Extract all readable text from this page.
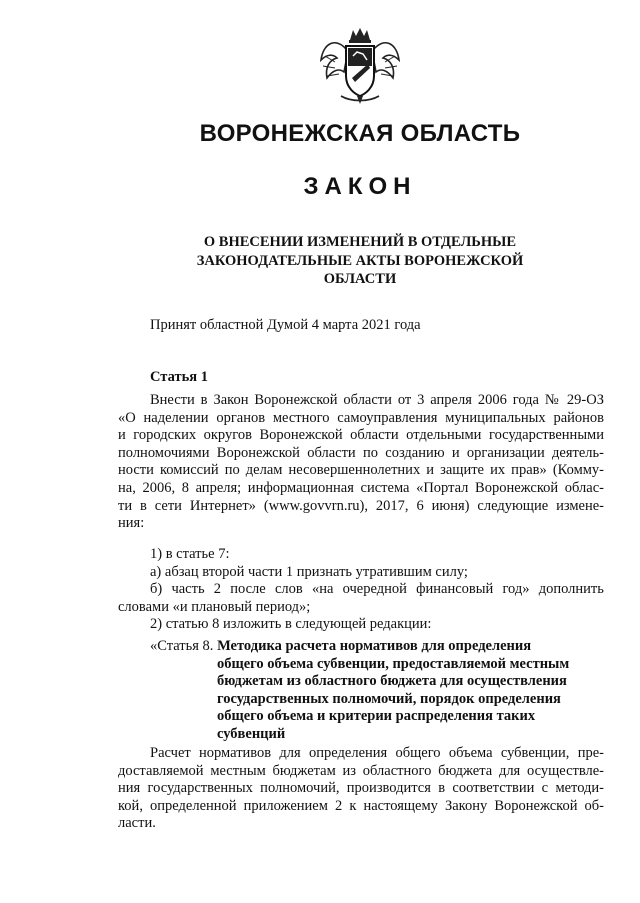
ВОРОНЕЖСКАЯ ОБЛАСТЬ
ЗАКОН
О ВНЕСЕНИИ ИЗМЕНЕНИЙ В ОТДЕЛЬНЫЕ
ЗАКОНОДАТЕЛЬНЫЕ АКТЫ ВОРОНЕЖСКОЙ
ОБЛАСТИ
Принят областной Думой 4 марта 2021 года
Статья 1
Внести в Закон Воронежской области от 3 апреля 2006 года № 29-ОЗ
«О наделении органов местного самоуправления муниципальных районов
и городских округов Воронежской области отдельными государственными
полномочиями Воронежской области по созданию и организации деятель-
ности комиссий по делам несовершеннолетних и защите их прав» (Комму-
на, 2006, 8 апреля; информационная система «Портал Воронежской облас-
ти в сети Интернет» (www.govvrn.ru), 2017, 6 июня) следующие измене-
ния:
1) в статье 7:
а) абзац второй части 1 признать утратившим силу;
б) часть 2 после слов «на очередной финансовый год» дополнить
словами «и плановый период»;
2) статью 8 изложить в следующей редакции:
«Статья 8. Методика расчета нормативов для определения
общего объема субвенции, предоставляемой местным
бюджетам из областного бюджета для осуществления
государственных полномочий, порядок определения
общего объема и критерии распределения таких
субвенций
Расчет нормативов для определения общего объема субвенции, пре-
доставляемой местным бюджетам из областного бюджета для осуществле-
ния государственных полномочий, производится в соответствии с методи-
кой, определенной приложением 2 к настоящему Закону Воронежской об-
ласти.
